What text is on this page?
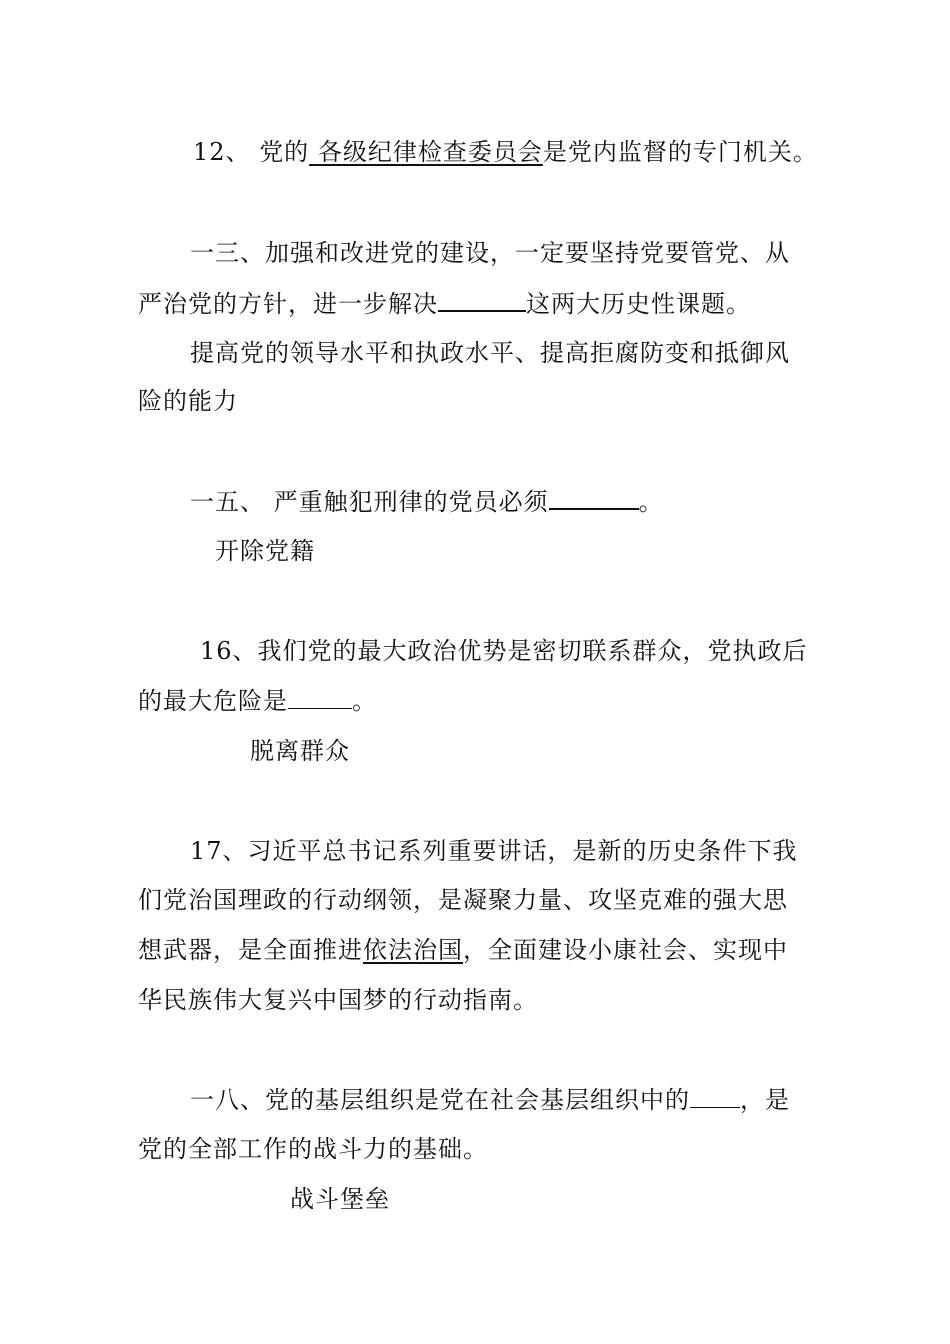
12、 党的 各级纪律检查委员会是党内监督的专门机关。
一三、加强和改进党的建设，一定要坚持党要管党、从
严治党的方针，进一步解决	这两大历史性课题。
提高党的领导水平和执政水平、提高拒腐防变和抵御风
险的能力
一五、 严重触犯刑律的党员必须	。
开除党籍
16、我们党的最大政治优势是密切联系群众，党执政后
的最大危险是	。
脱离群众
17、习近平总书记系列重要讲话，是新的历史条件下我
们党治国理政的行动纲领，是凝聚力量、攻坚克难的强大思
想武器，是全面推进依法治国，全面建设小康社会、实现中
华民族伟大复兴中国梦的行动指南。
一八、党的基层组织是党在社会基层组织中的 ，是
党的全部工作的战斗力的基础。
战斗堡垒
